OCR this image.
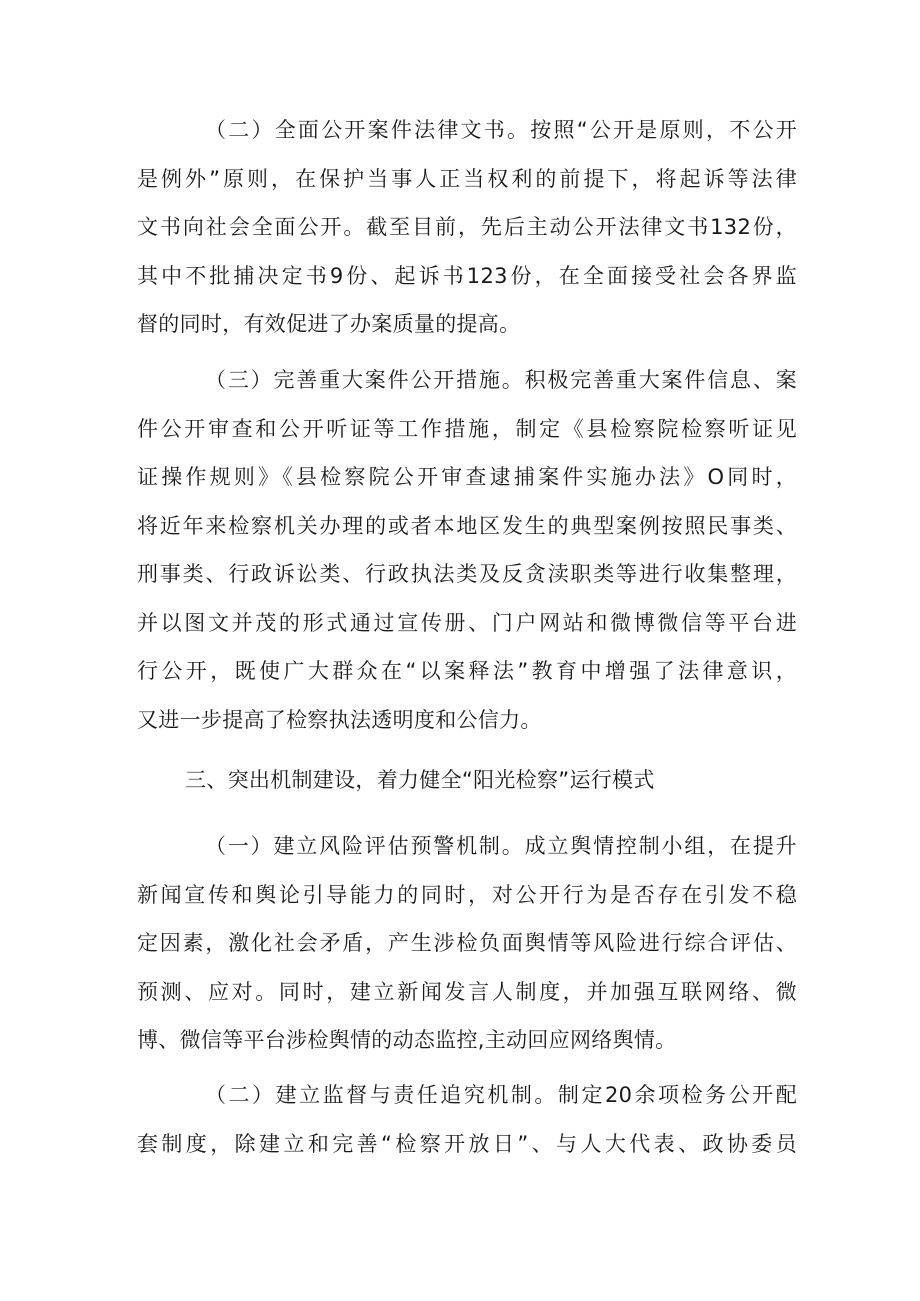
（二）全面公开案件法律文书。按照“公开是原则，不公开
是例外”原则，在保护当事人正当权利的前提下，将起诉等法律
文书向社会全面公开。截至目前，先后主动公开法律文书132份，
其中不批捕决定书9份、起诉书123份，在全面接受社会各界监
督的同时，有效促进了办案质量的提高。
（三）完善重大案件公开措施。积极完善重大案件信息、案
件公开审查和公开听证等工作措施，制定《县检察院检察听证见
证操作规则》《县检察院公开审查逮捕案件实施办法》O同时，
将近年来检察机关办理的或者本地区发生的典型案例按照民事类、
刑事类、行政诉讼类、行政执法类及反贪渎职类等进行收集整理，
并以图文并茂的形式通过宣传册、门户网站和微博微信等平台进
行公开，既使广大群众在“以案释法”教育中增强了法律意识，
又进一步提高了检察执法透明度和公信力。
三、突出机制建设，着力健全“阳光检察”运行模式
（一）建立风险评估预警机制。成立舆情控制小组，在提升
新闻宣传和舆论引导能力的同时，对公开行为是否存在引发不稳
定因素，激化社会矛盾，产生涉检负面舆情等风险进行综合评估、
预测、应对。同时，建立新闻发言人制度，并加强互联网络、微
博、微信等平台涉检舆情的动态监控,主动回应网络舆情。
（二）建立监督与责任追究机制。制定20余项检务公开配
套制度，除建立和完善“检察开放日”、与人大代表、政协委员
